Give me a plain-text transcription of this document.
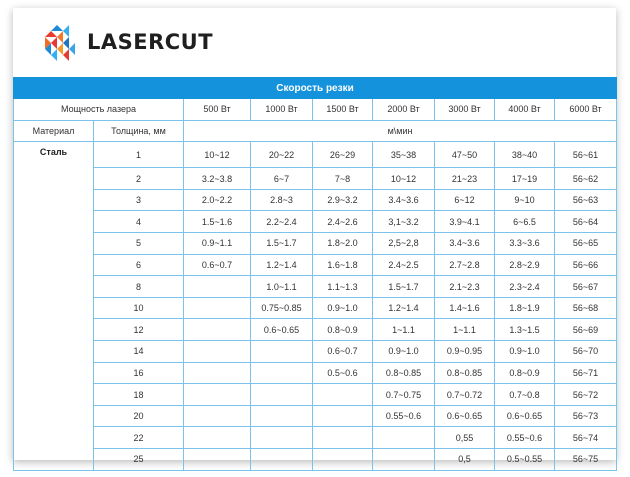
LASERCUT
Скорость резки								
Мощность лазера		500 Вт	1000 Вт	1500 Вт	2000 Вт	3000 Вт	4000 Вт	6000 Вт
Материал	Толщина, мм	м\мин						
Сталь	1	10~12	20~22	26~29	35~38	47~50	38~40	56~61
	2	3.2~3.8	6~7	7~8	10~12	21~23	17~19	56~62
	3	2.0~2.2	2.8~3	2.9~3.2	3.4~3.6	6~12	9~10	56~63
	4	1.5~1.6	2.2~2.4	2.4~2.6	3,1~3.2	3.9~4.1	6~6.5	56~64
	5	0.9~1.1	1.5~1.7	1.8~2.0	2,5~2,8	3.4~3.6	3.3~3.6	56~65
	6	0.6~0.7	1.2~1.4	1.6~1.8	2.4~2.5	2.7~2.8	2.8~2.9	56~66
	8		1.0~1.1	1.1~1.3	1.5~1.7	2.1~2.3	2.3~2.4	56~67
	10		0.75~0.85	0.9~1.0	1.2~1.4	1.4~1.6	1.8~1.9	56~68
	12		0.6~0.65	0.8~0.9	1~1.1	1~1.1	1.3~1.5	56~69
	14			0.6~0.7	0.9~1.0	0.9~0.95	0.9~1.0	56~70
	16			0.5~0.6	0.8~0.85	0.8~0.85	0.8~0.9	56~71
	18				0.7~0.75	0.7~0.72	0.7~0.8	56~72
	20				0.55~0.6	0.6~0.65	0.6~0.65	56~73
	22					0,55	0.55~0.6	56~74
	25					0,5	0.5~0.55	56~75
